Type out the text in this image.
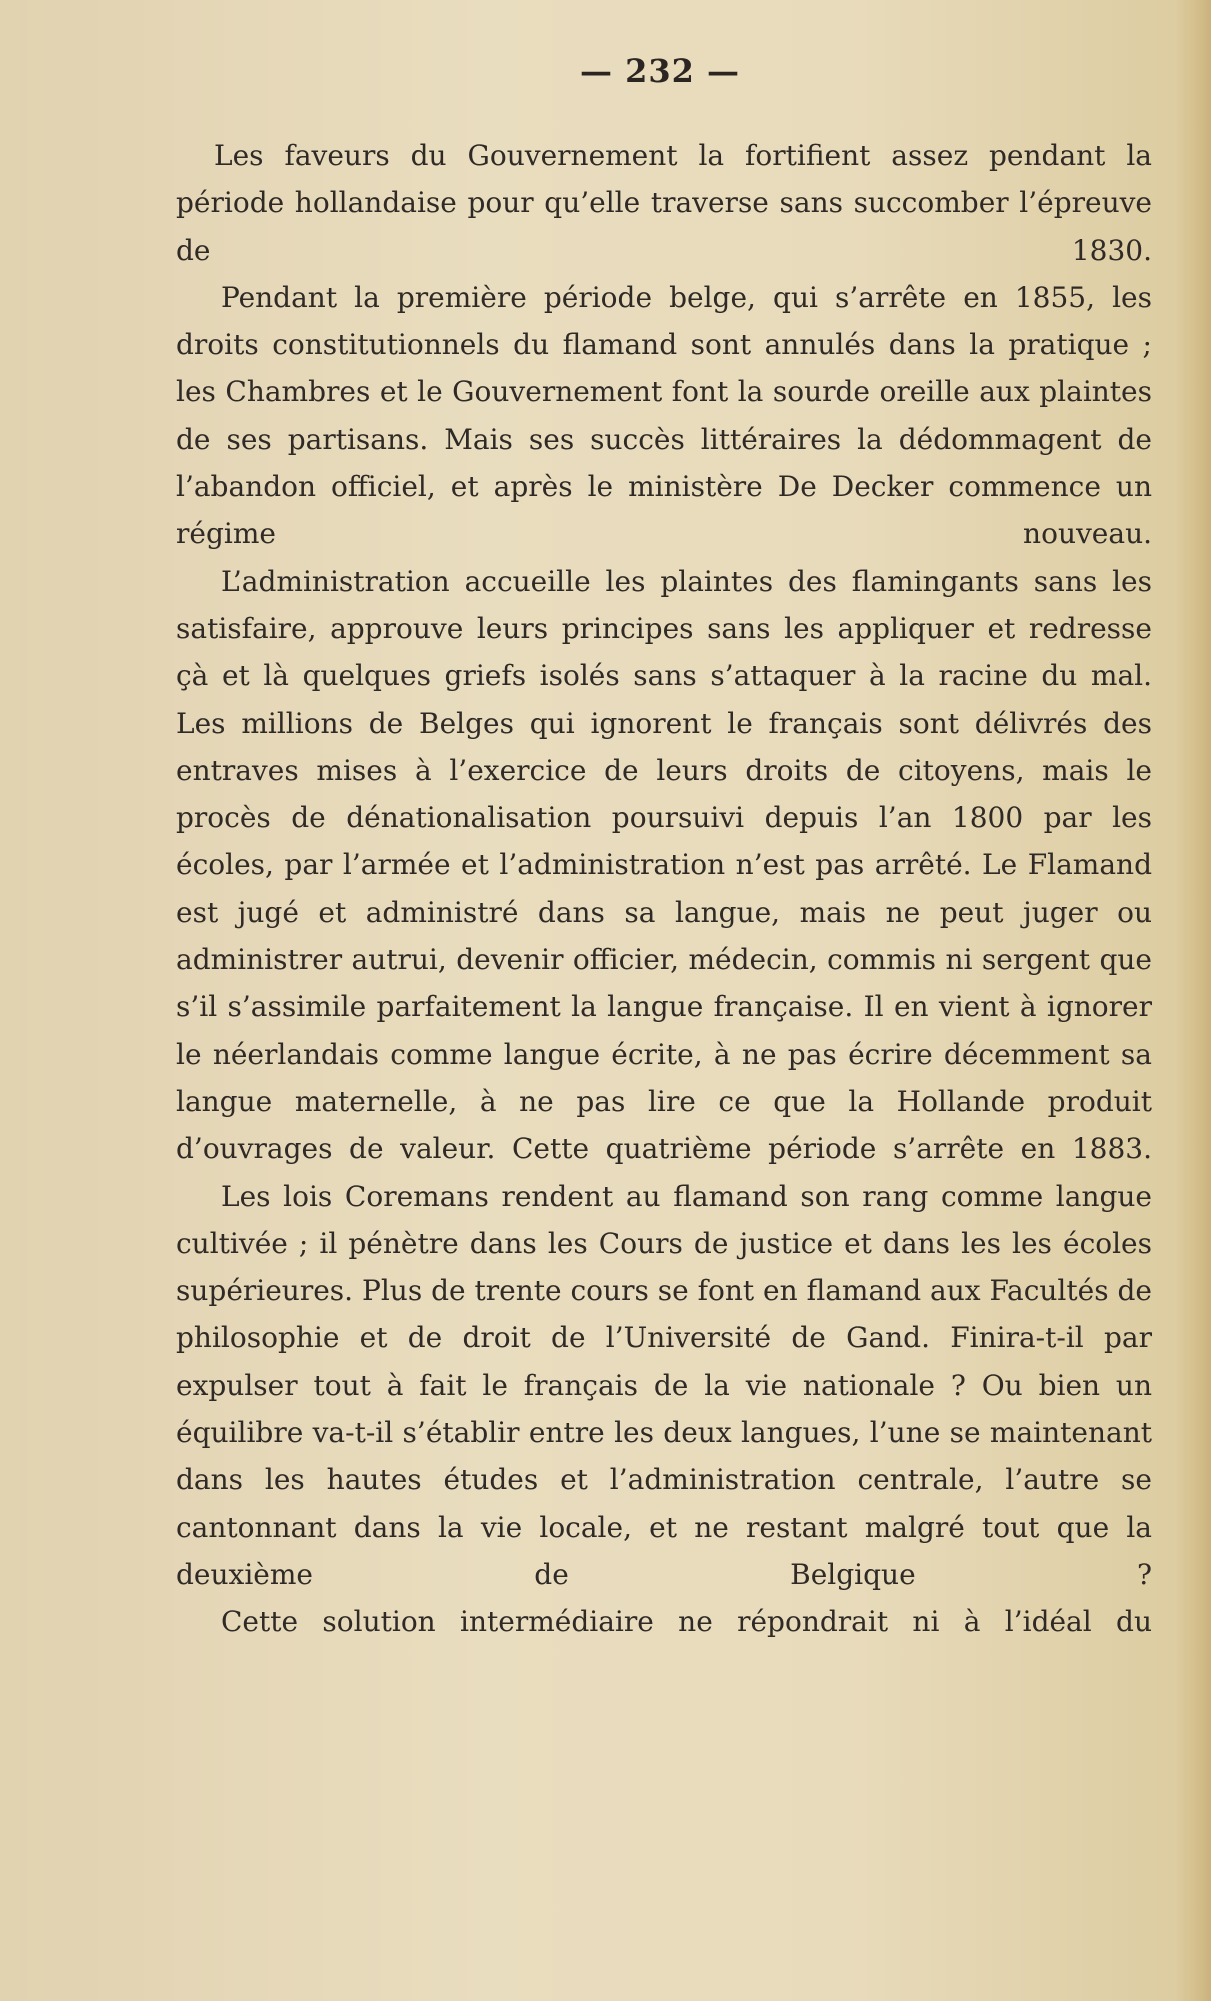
— 232 —

Les faveurs du Gouvernement la fortifient assez pendant la période hollandaise pour qu’elle traverse sans succomber l’épreuve de 1830.

Pendant la première période belge, qui s’arrête en 1855, les droits constitutionnels du flamand sont annulés dans la pratique ; les Chambres et le Gouvernement font la sourde oreille aux plaintes de ses partisans. Mais ses succès littéraires la dédommagent de l’abandon officiel, et après le ministère De Decker commence un régime nouveau.

L’administration accueille les plaintes des flamingants sans les satisfaire, approuve leurs principes sans les appliquer et redresse çà et là quelques griefs isolés sans s’attaquer à la racine du mal. Les millions de Belges qui ignorent le français sont délivrés des entraves mises à l’exercice de leurs droits de citoyens, mais le procès de dénationalisation poursuivi depuis l’an 1800 par les écoles, par l’armée et l’administration n’est pas arrêté. Le Flamand est jugé et administré dans sa langue, mais ne peut juger ou administrer autrui, devenir officier, médecin, commis ni sergent que s’il s’assimile parfaitement la langue française. Il en vient à ignorer le néerlandais comme langue écrite, à ne pas écrire décemment sa langue maternelle, à ne pas lire ce que la Hollande produit d’ouvrages de valeur. Cette quatrième période s’arrête en 1883.

Les lois Coremans rendent au flamand son rang comme langue cultivée ; il pénètre dans les Cours de justice et dans les les écoles supérieures. Plus de trente cours se font en flamand aux Facultés de philosophie et de droit de l’Université de Gand. Finira-t-il par expulser tout à fait le français de la vie nationale ? Ou bien un équilibre va-t-il s’établir entre les deux langues, l’une se maintenant dans les hautes études et l’administration centrale, l’autre se cantonnant dans la vie locale, et ne restant malgré tout que la deuxième de Belgique ?

Cette solution intermédiaire ne répondrait ni à l’idéal du
